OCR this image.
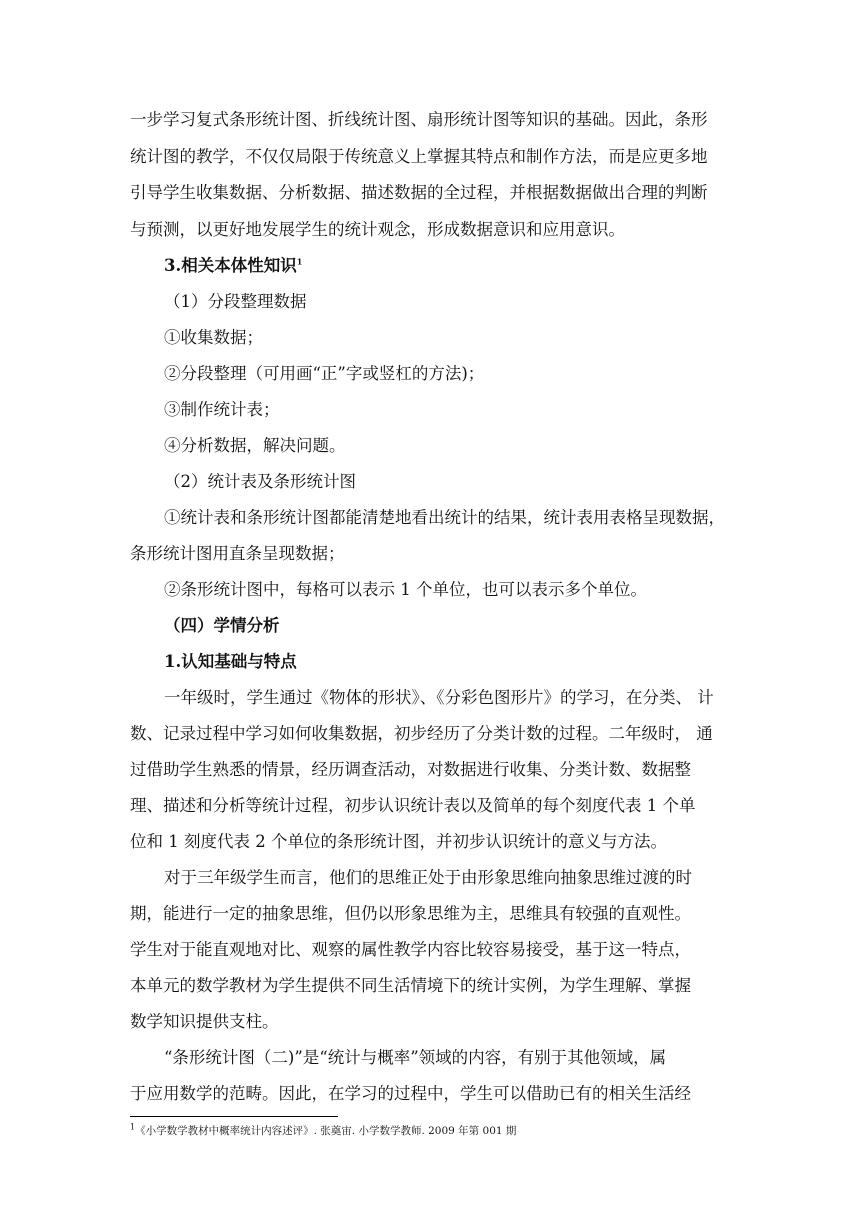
一步学习复式条形统计图、折线统计图、扇形统计图等知识的基础。因此，条形
统计图的教学，不仅仅局限于传统意义上掌握其特点和制作方法，而是应更多地
引导学生收集数据、分析数据、描述数据的全过程，并根据数据做出合理的判断
与预测，以更好地发展学生的统计观念，形成数据意识和应用意识。
3.相关本体性知识$^1$
（1）分段整理数据
①收集数据；
②分段整理（可用画“正”字或竖杠的方法)；
③制作统计表；
④分析数据，解决问题。
（2）统计表及条形统计图
①统计表和条形统计图都能清楚地看出统计的结果，统计表用表格呈现数据，
条形统计图用直条呈现数据；
②条形统计图中，每格可以表示 1 个单位，也可以表示多个单位。
（四）学情分析
1.认知基础与特点
一年级时，学生通过《物体的形状》、《分彩色图形片》的学习，在分类、 计
数、记录过程中学习如何收集数据，初步经历了分类计数的过程。二年级时， 通
过借助学生熟悉的情景，经历调查活动，对数据进行收集、分类计数、数据整
理、描述和分析等统计过程，初步认识统计表以及简单的每个刻度代表 1 个单
位和 1 刻度代表 2 个单位的条形统计图，并初步认识统计的意义与方法。
对于三年级学生而言，他们的思维正处于由形象思维向抽象思维过渡的时
期，能进行一定的抽象思维，但仍以形象思维为主，思维具有较强的直观性。
学生对于能直观地对比、观察的属性教学内容比较容易接受，基于这一特点，
本单元的数学教材为学生提供不同生活情境下的统计实例，为学生理解、掌握
数学知识提供支柱。
“条形统计图（二)”是“统计与概率”领域的内容，有别于其他领域，属
于应用数学的范畴。因此，在学习的过程中，学生可以借助已有的相关生活经
$^1$《小学数学教材中概率统计内容述评》. 张奠宙. 小学数学教师. 2009 年第 001 期
